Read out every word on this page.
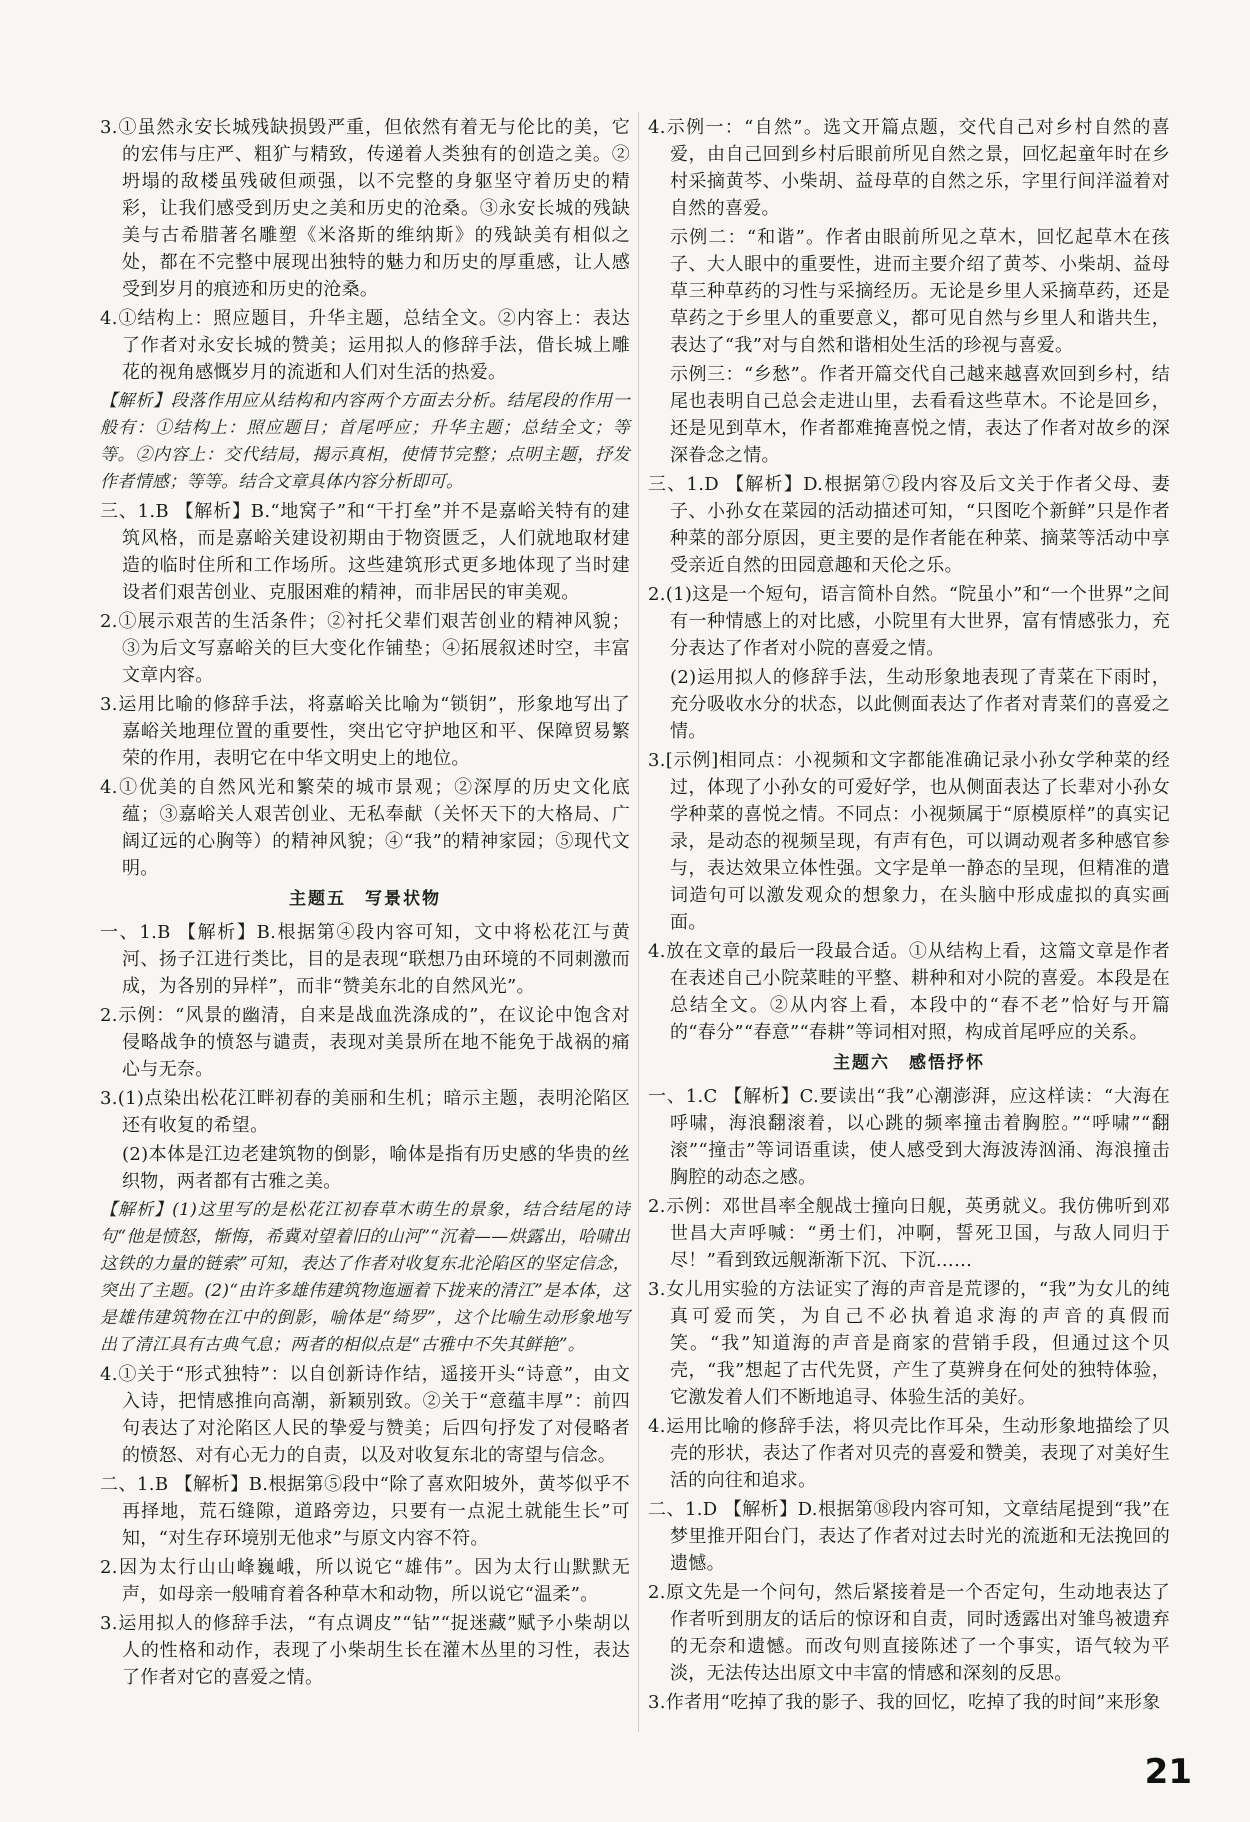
3.①虽然永安长城残缺损毁严重，但依然有着无与伦比的美，它的宏伟与庄严、粗犷与精致，传递着人类独有的创造之美。②坍塌的敌楼虽残破但顽强，以不完整的身躯坚守着历史的精彩，让我们感受到历史之美和历史的沧桑。③永安长城的残缺美与古希腊著名雕塑《米洛斯的维纳斯》的残缺美有相似之处，都在不完整中展现出独特的魅力和历史的厚重感，让人感受到岁月的痕迹和历史的沧桑。

4.①结构上：照应题目，升华主题，总结全文。②内容上：表达了作者对永安长城的赞美；运用拟人的修辞手法，借长城上雕花的视角感慨岁月的流逝和人们对生活的热爱。

【解析】段落作用应从结构和内容两个方面去分析。结尾段的作用一般有：①结构上：照应题目；首尾呼应；升华主题；总结全文；等等。②内容上：交代结局，揭示真相，使情节完整；点明主题，抒发作者情感；等等。结合文章具体内容分析即可。

三、1.B 【解析】B.“地窝子”和“干打垒”并不是嘉峪关特有的建筑风格，而是嘉峪关建设初期由于物资匮乏，人们就地取材建造的临时住所和工作场所。这些建筑形式更多地体现了当时建设者们艰苦创业、克服困难的精神，而非居民的审美观。

2.①展示艰苦的生活条件；②衬托父辈们艰苦创业的精神风貌；③为后文写嘉峪关的巨大变化作铺垫；④拓展叙述时空，丰富文章内容。

3.运用比喻的修辞手法，将嘉峪关比喻为“锁钥”，形象地写出了嘉峪关地理位置的重要性，突出它守护地区和平、保障贸易繁荣的作用，表明它在中华文明史上的地位。

4.①优美的自然风光和繁荣的城市景观；②深厚的历史文化底蕴；③嘉峪关人艰苦创业、无私奉献（关怀天下的大格局、广阔辽远的心胸等）的精神风貌；④“我”的精神家园；⑤现代文明。

主题五　写景状物

一、1.B 【解析】B.根据第④段内容可知，文中将松花江与黄河、扬子江进行类比，目的是表现“联想乃由环境的不同刺激而成，为各别的异样”，而非“赞美东北的自然风光”。

2.示例：“风景的幽清，自来是战血洗涤成的”，在议论中饱含对侵略战争的愤怒与谴责，表现对美景所在地不能免于战祸的痛心与无奈。

3.(1)点染出松花江畔初春的美丽和生机；暗示主题，表明沦陷区还有收复的希望。

(2)本体是江边老建筑物的倒影，喻体是指有历史感的华贵的丝织物，两者都有古雅之美。

【解析】(1)这里写的是松花江初春草木萌生的景象，结合结尾的诗句“他是愤怒，惭悔，希冀对望着旧的山河”“沉着——烘露出，哈啸出这铁的力量的链索”可知，表达了作者对收复东北沦陷区的坚定信念，突出了主题。(2)“由许多雄伟建筑物迤逦着下拢来的清江”是本体，这是雄伟建筑物在江中的倒影，喻体是“绮罗”，这个比喻生动形象地写出了清江具有古典气息；两者的相似点是“古雅中不失其鲜艳”。

4.①关于“形式独特”：以自创新诗作结，遥接开头“诗意”，由文入诗，把情感推向高潮，新颖别致。②关于“意蕴丰厚”：前四句表达了对沦陷区人民的挚爱与赞美；后四句抒发了对侵略者的愤怒、对有心无力的自责，以及对收复东北的寄望与信念。

二、1.B 【解析】B.根据第⑤段中“除了喜欢阳坡外，黄芩似乎不再择地，荒石缝隙，道路旁边，只要有一点泥土就能生长”可知，“对生存环境别无他求”与原文内容不符。

2.因为太行山山峰巍峨，所以说它“雄伟”。因为太行山默默无声，如母亲一般哺育着各种草木和动物，所以说它“温柔”。

3.运用拟人的修辞手法，“有点调皮”“钻”“捉迷藏”赋予小柴胡以人的性格和动作，表现了小柴胡生长在灌木丛里的习性，表达了作者对它的喜爱之情。

4.示例一：“自然”。选文开篇点题，交代自己对乡村自然的喜爱，由自己回到乡村后眼前所见自然之景，回忆起童年时在乡村采摘黄芩、小柴胡、益母草的自然之乐，字里行间洋溢着对自然的喜爱。

示例二：“和谐”。作者由眼前所见之草木，回忆起草木在孩子、大人眼中的重要性，进而主要介绍了黄芩、小柴胡、益母草三种草药的习性与采摘经历。无论是乡里人采摘草药，还是草药之于乡里人的重要意义，都可见自然与乡里人和谐共生，表达了“我”对与自然和谐相处生活的珍视与喜爱。

示例三：“乡愁”。作者开篇交代自己越来越喜欢回到乡村，结尾也表明自己总会走进山里，去看看这些草木。不论是回乡，还是见到草木，作者都难掩喜悦之情，表达了作者对故乡的深深眷念之情。

三、1.D 【解析】D.根据第⑦段内容及后文关于作者父母、妻子、小孙女在菜园的活动描述可知，“只图吃个新鲜”只是作者种菜的部分原因，更主要的是作者能在种菜、摘菜等活动中享受亲近自然的田园意趣和天伦之乐。

2.(1)这是一个短句，语言简朴自然。“院虽小”和“一个世界”之间有一种情感上的对比感，小院里有大世界，富有情感张力，充分表达了作者对小院的喜爱之情。

(2)运用拟人的修辞手法，生动形象地表现了青菜在下雨时，充分吸收水分的状态，以此侧面表达了作者对青菜们的喜爱之情。

3.[示例]相同点：小视频和文字都能准确记录小孙女学种菜的经过，体现了小孙女的可爱好学，也从侧面表达了长辈对小孙女学种菜的喜悦之情。不同点：小视频属于“原模原样”的真实记录，是动态的视频呈现，有声有色，可以调动观者多种感官参与，表达效果立体性强。文字是单一静态的呈现，但精准的遣词造句可以激发观众的想象力，在头脑中形成虚拟的真实画面。

4.放在文章的最后一段最合适。①从结构上看，这篇文章是作者在表述自己小院菜畦的平整、耕种和对小院的喜爱。本段是在总结全文。②从内容上看，本段中的“春不老”恰好与开篇的“春分”“春意”“春耕”等词相对照，构成首尾呼应的关系。

主题六　感悟抒怀

一、1.C 【解析】C.要读出“我”心潮澎湃，应这样读：“大海在呼啸，海浪翻滚着，以心跳的频率撞击着胸腔。”“呼啸”“翻滚”“撞击”等词语重读，使人感受到大海波涛汹涌、海浪撞击胸腔的动态之感。

2.示例：邓世昌率全舰战士撞向日舰，英勇就义。我仿佛听到邓世昌大声呼喊：“勇士们，冲啊，誓死卫国，与敌人同归于尽！”看到致远舰渐渐下沉、下沉……

3.女儿用实验的方法证实了海的声音是荒谬的，“我”为女儿的纯真可爱而笑，为自己不必执着追求海的声音的真假而笑。“我”知道海的声音是商家的营销手段，但通过这个贝壳，“我”想起了古代先贤，产生了莫辨身在何处的独特体验，它激发着人们不断地追寻、体验生活的美好。

4.运用比喻的修辞手法，将贝壳比作耳朵，生动形象地描绘了贝壳的形状，表达了作者对贝壳的喜爱和赞美，表现了对美好生活的向往和追求。

二、1.D 【解析】D.根据第⑱段内容可知，文章结尾提到“我”在梦里推开阳台门，表达了作者对过去时光的流逝和无法挽回的遗憾。

2.原文先是一个问句，然后紧接着是一个否定句，生动地表达了作者听到朋友的话后的惊讶和自责，同时透露出对雏鸟被遗弃的无奈和遗憾。而改句则直接陈述了一个事实，语气较为平淡，无法传达出原文中丰富的情感和深刻的反思。

3.作者用“吃掉了我的影子、我的回忆，吃掉了我的时间”来形象

21
